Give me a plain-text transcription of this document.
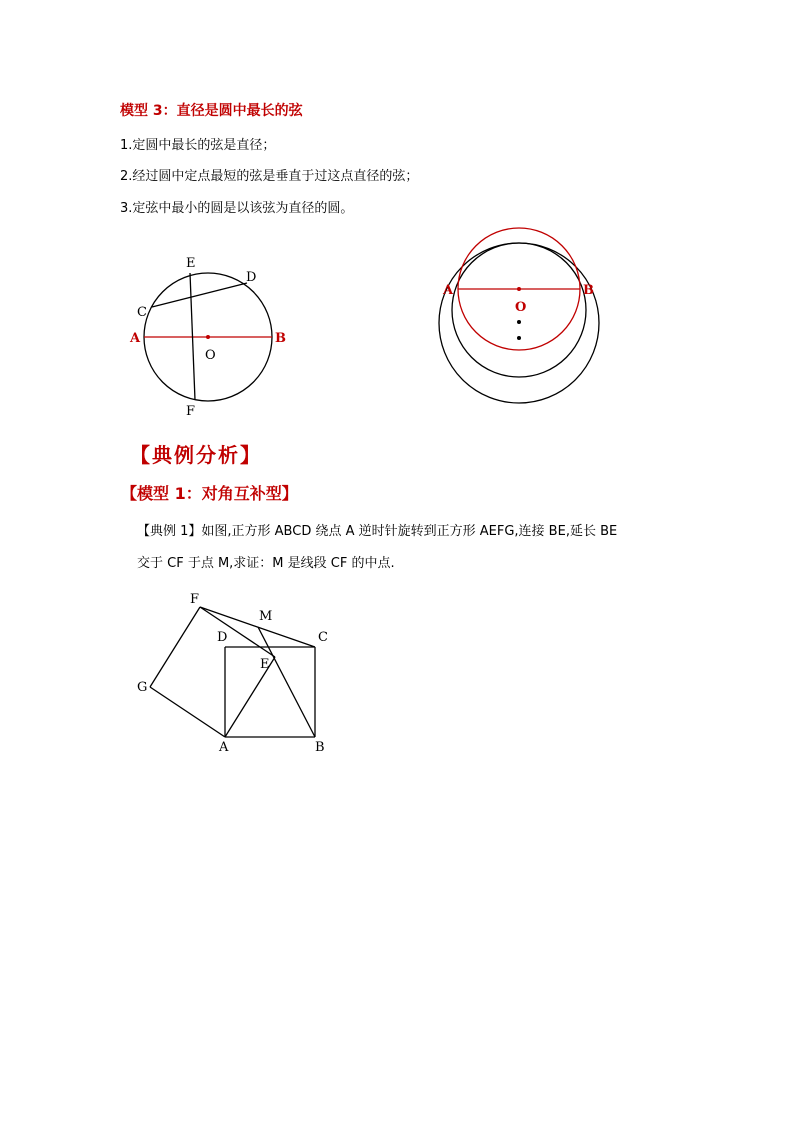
模型 3：直径是圆中最长的弦
1.定圆中最长的弦是直径；
2.经过圆中定点最短的弦是垂直于过这点直径的弦；
3.定弦中最小的圆是以该弦为直径的圆。
E
D
C
A	B
O
F
A	B
O
F
M
D	C
E
G
A	B
【典例分析】
【模型 1：对角互补型】
【典例 1】如图,正方形 ABCD 绕点 A 逆时针旋转到正方形 AEFG,连接 BE,延长 BE
交于 CF 于点 M,求证：M 是线段 CF 的中点.
